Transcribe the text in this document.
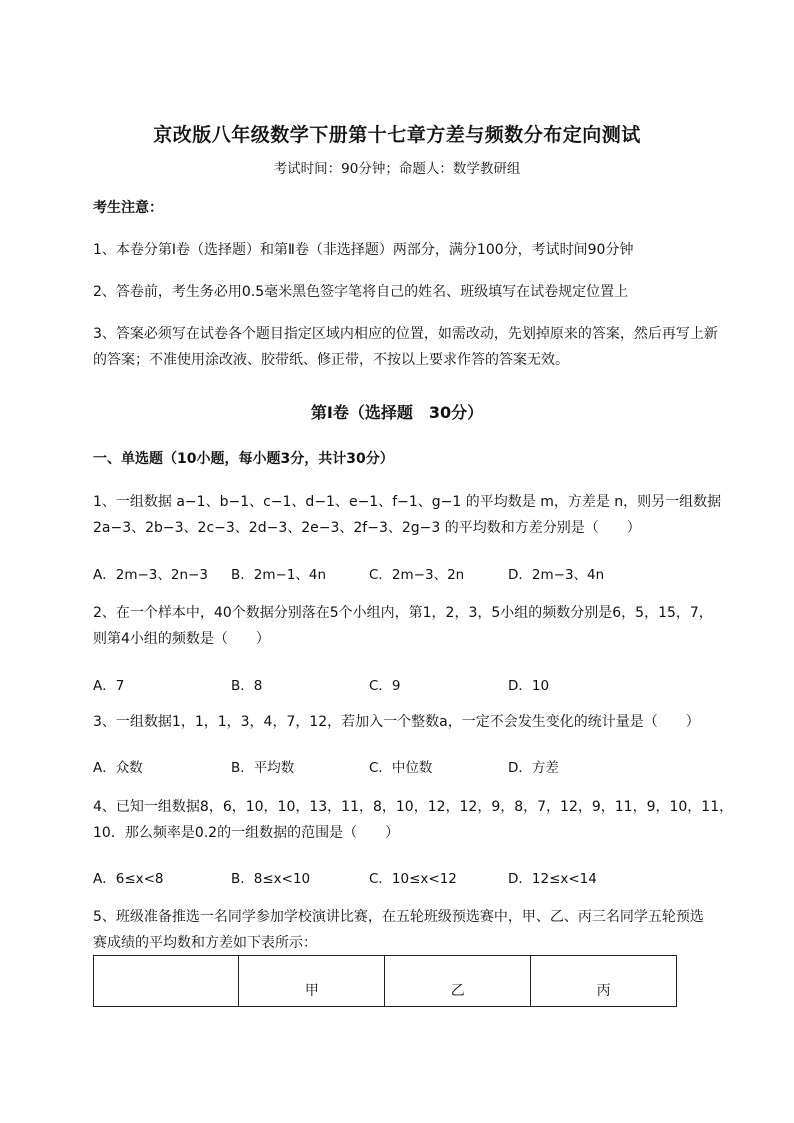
京改版八年级数学下册第十七章方差与频数分布定向测试
考试时间：90分钟；命题人：数学教研组
考生注意：
1、本卷分第I卷（选择题）和第Ⅱ卷（非选择题）两部分，满分100分，考试时间90分钟
2、答卷前，考生务必用0.5毫米黑色签字笔将自己的姓名、班级填写在试卷规定位置上
3、答案必须写在试卷各个题目指定区域内相应的位置，如需改动，先划掉原来的答案，然后再写上新
的答案；不准使用涂改液、胶带纸、修正带，不按以上要求作答的答案无效。
第I卷（选择题　30分）
一、单选题（10小题，每小题3分，共计30分）
1、一组数据 a−1、b−1、c−1、d−1、e−1、f−1、g−1 的平均数是 m，方差是 n，则另一组数据
2a−3、2b−3、2c−3、2d−3、2e−3、2f−3、2g−3 的平均数和方差分别是（　　）
A．2m−3、2n−3 B．2m−1、4n	C．2m−3、2n	D．2m−3、4n
2、在一个样本中，40个数据分别落在5个小组内，第1，2，3，5小组的频数分别是6，5，15，7，
则第4小组的频数是（　　）
A．7	B．8	C．9	D．10
3、一组数据1，1，1，3，4，7，12，若加入一个整数a，一定不会发生变化的统计量是（　　）
A．众数	B．平均数	C．中位数	D．方差
4、已知一组数据8，6，10，10，13，11，8，10，12，12，9，8，7，12，9，11，9，10，11，
10．那么频率是0.2的一组数据的范围是（　　）
A．6≤x<8	B．8≤x<10	C．10≤x<12	D．12≤x<14
5、班级准备推选一名同学参加学校演讲比赛，在五轮班级预选赛中，甲、乙、丙三名同学五轮预选
赛成绩的平均数和方差如下表所示：
	甲	乙	丙
